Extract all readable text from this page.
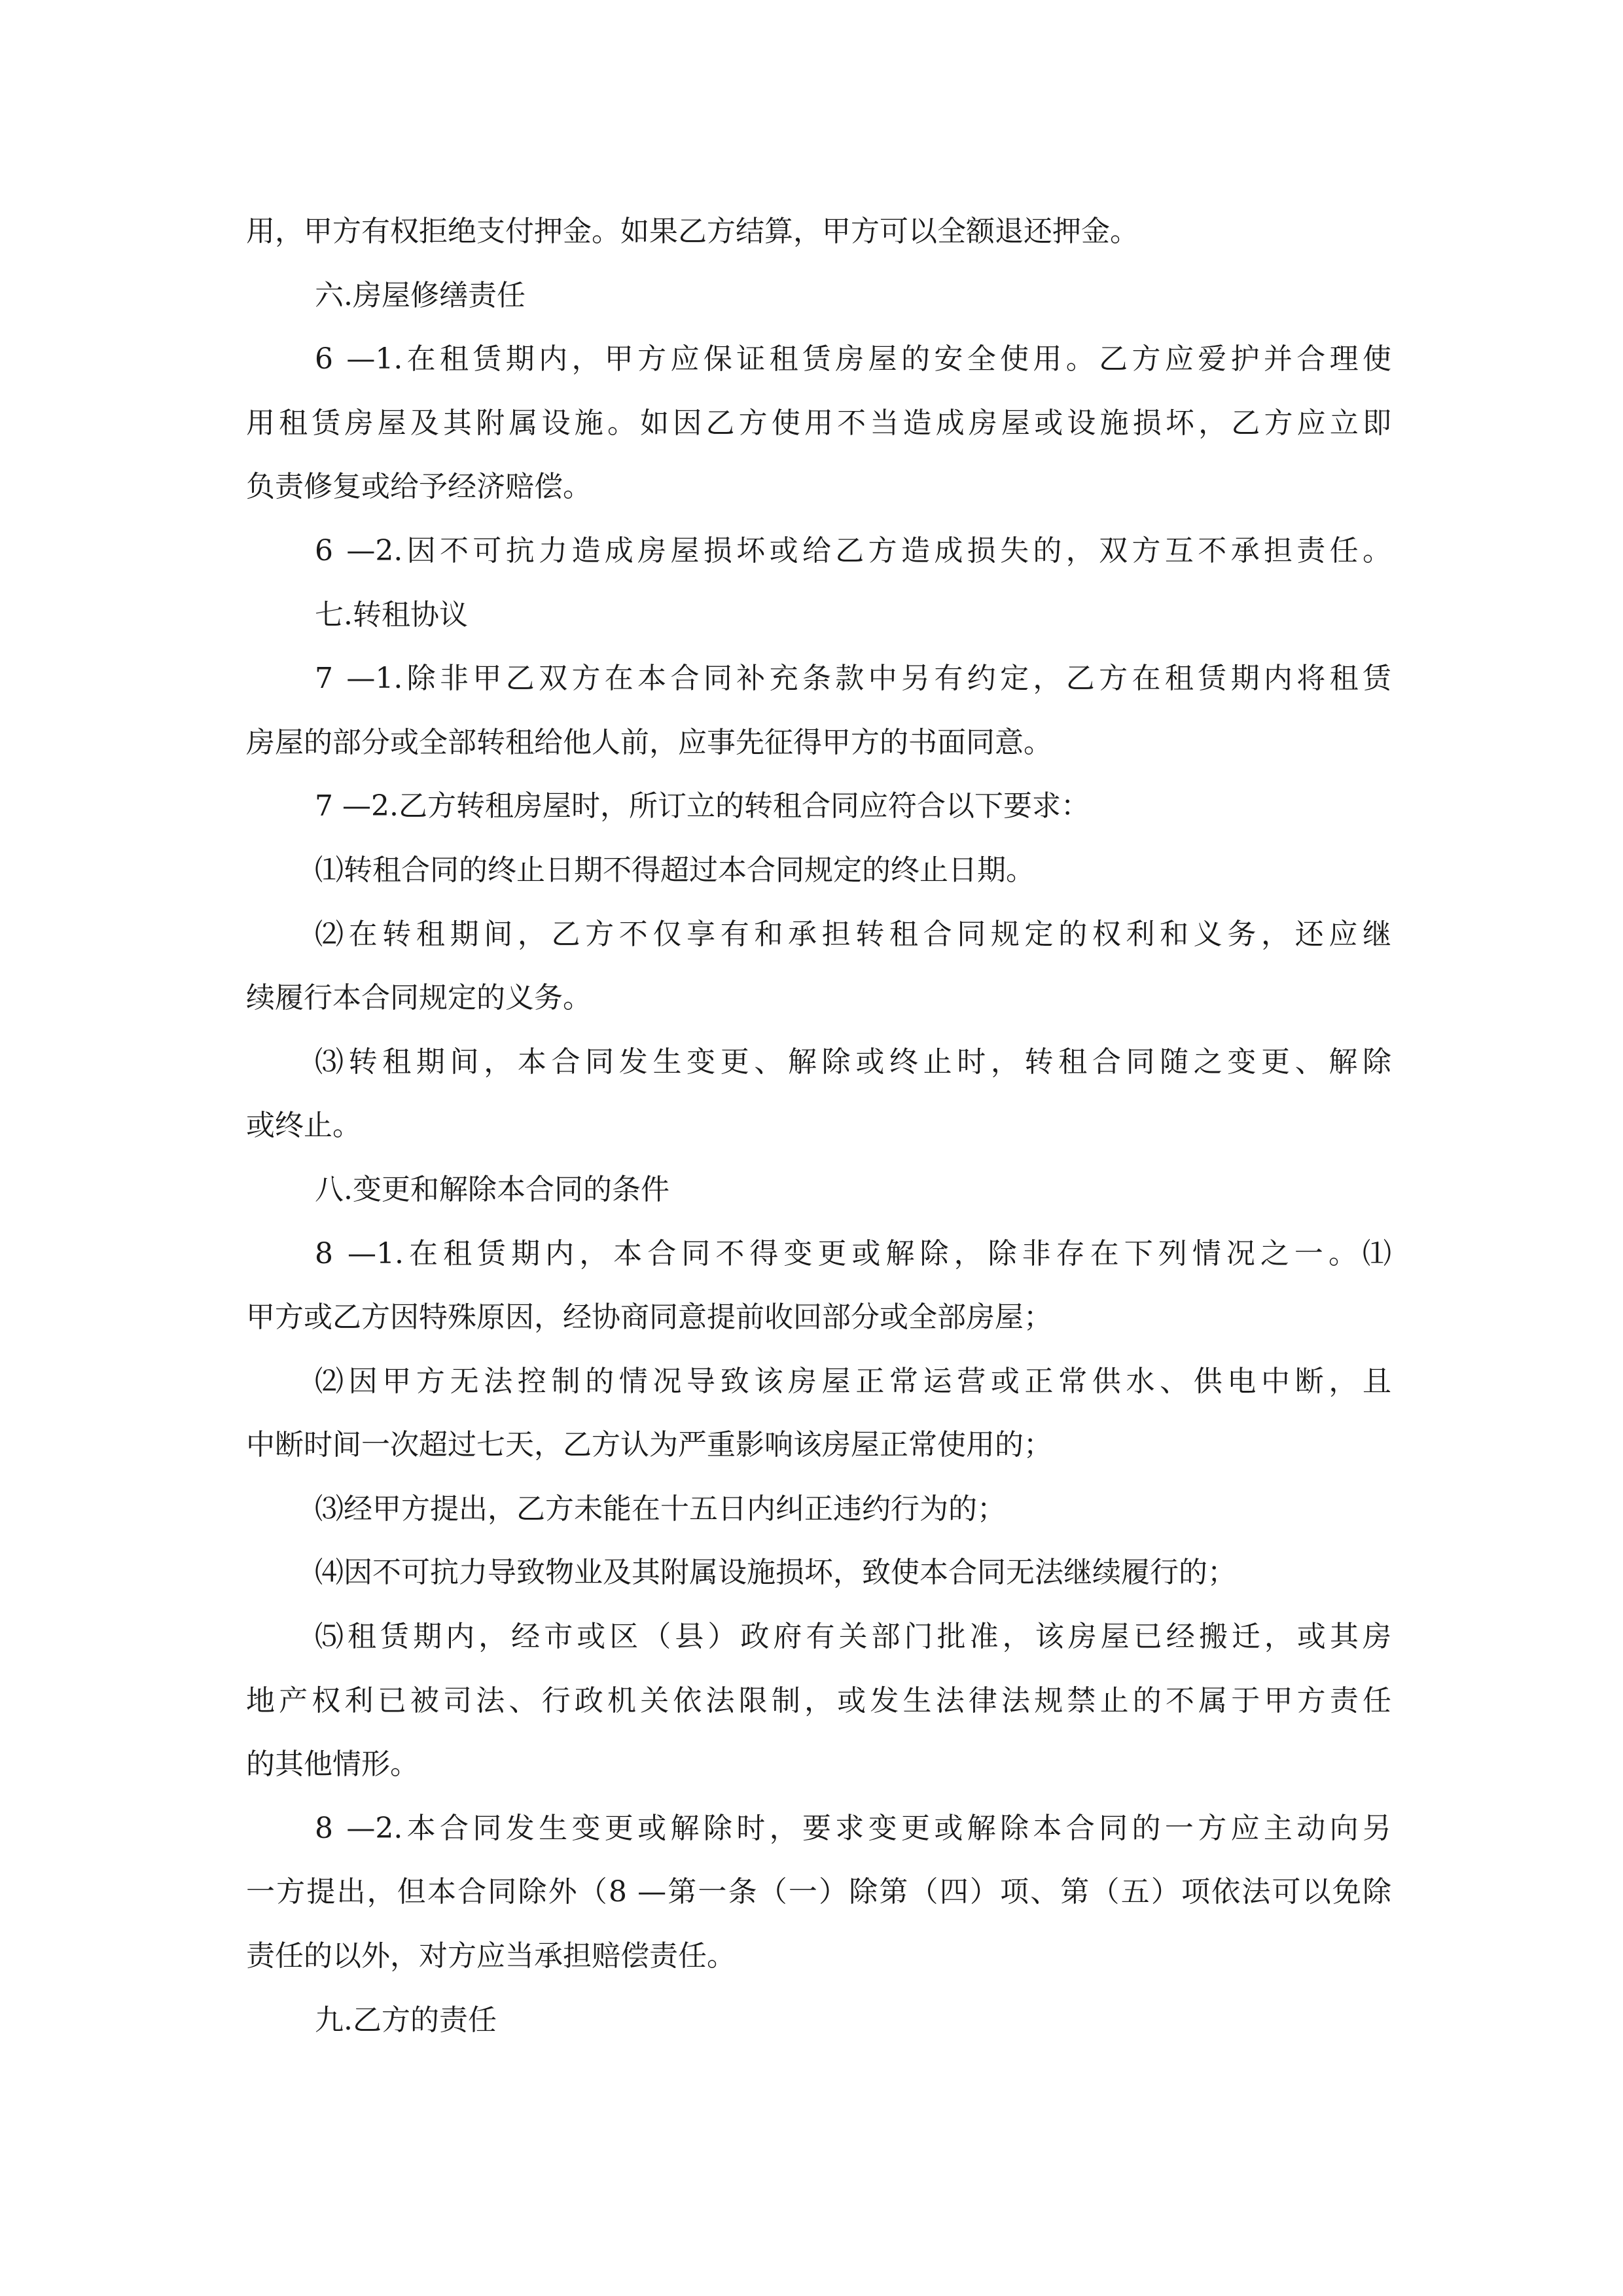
用，甲方有权拒绝支付押金。如果乙方结算，甲方可以全额退还押金。
六.房屋修缮责任
6 —1.在租赁期内，甲方应保证租赁房屋的安全使用。乙方应爱护并合理使
用租赁房屋及其附属设施。如因乙方使用不当造成房屋或设施损坏，乙方应立即
负责修复或给予经济赔偿。
6 —2.因不可抗力造成房屋损坏或给乙方造成损失的，双方互不承担责任。
七.转租协议
7 —1.除非甲乙双方在本合同补充条款中另有约定，乙方在租赁期内将租赁
房屋的部分或全部转租给他人前，应事先征得甲方的书面同意。
7 —2.乙方转租房屋时，所订立的转租合同应符合以下要求：
⑴转租合同的终止日期不得超过本合同规定的终止日期。
⑵在转租期间，乙方不仅享有和承担转租合同规定的权利和义务，还应继
续履行本合同规定的义务。
⑶转租期间，本合同发生变更、解除或终止时，转租合同随之变更、解除
或终止。
八.变更和解除本合同的条件
8 —1.在租赁期内，本合同不得变更或解除，除非存在下列情况之一。⑴
甲方或乙方因特殊原因，经协商同意提前收回部分或全部房屋；
⑵因甲方无法控制的情况导致该房屋正常运营或正常供水、供电中断，且
中断时间一次超过七天，乙方认为严重影响该房屋正常使用的；
⑶经甲方提出，乙方未能在十五日内纠正违约行为的；
⑷因不可抗力导致物业及其附属设施损坏，致使本合同无法继续履行的；
⑸租赁期内，经市或区（县）政府有关部门批准，该房屋已经搬迁，或其房
地产权利已被司法、行政机关依法限制，或发生法律法规禁止的不属于甲方责任
的其他情形。
8 —2.本合同发生变更或解除时，要求变更或解除本合同的一方应主动向另
一方提出，但本合同除外（8 —第一条（一）除第（四）项、第（五）项依法可以免除
责任的以外，对方应当承担赔偿责任。
九.乙方的责任
